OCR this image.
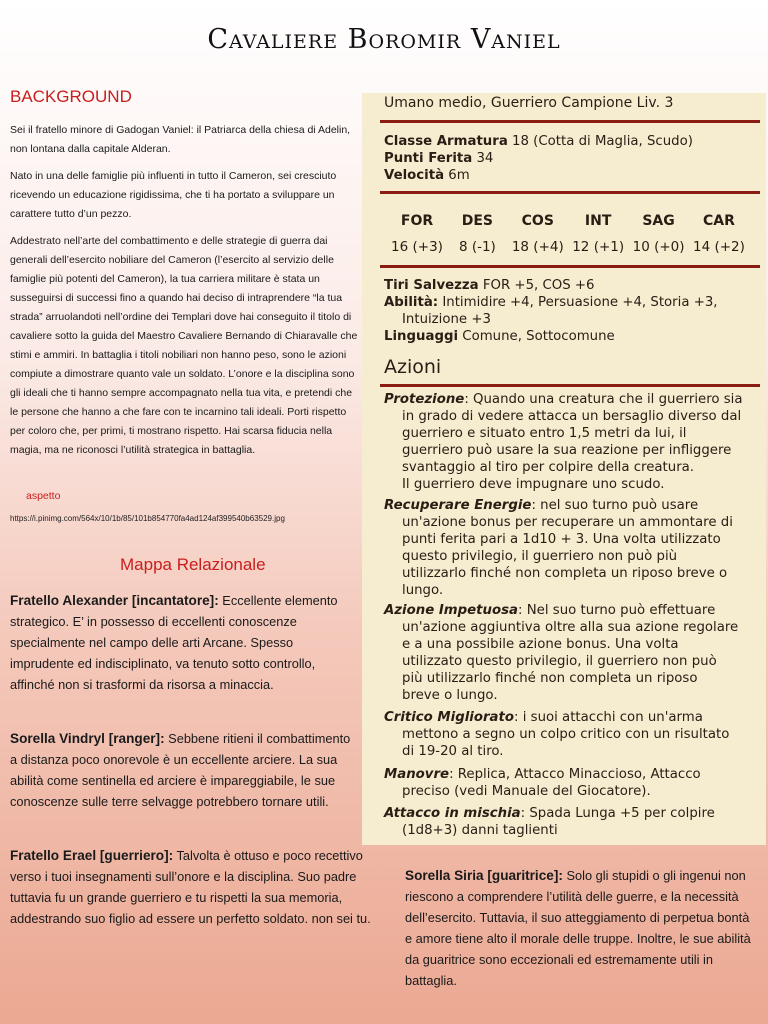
Cavaliere Boromir Vaniel
BACKGROUND

Sei il fratello minore di Gadogan Vaniel: il Patriarca della chiesa di Adelin, non lontana dalla capitale Alderan.

Nato in una delle famiglie più influenti in tutto il Cameron, sei cresciuto ricevendo un educazione rigidissima, che ti ha portato a sviluppare un carattere tutto d’un pezzo.

Addestrato nell’arte del combattimento e delle strategie di guerra dai generali dell’esercito nobiliare del Cameron (l’esercito al servizio delle famiglie più potenti del Cameron), la tua carriera militare è stata un susseguirsi di successi fino a quando hai deciso di intraprendere “la tua strada” arruolandoti nell’ordine dei Templari dove hai conseguito il titolo di cavaliere sotto la guida del Maestro Cavaliere Bernando di Chiaravalle che stimi e ammiri. In battaglia i titoli nobiliari non hanno peso, sono le azioni compiute a dimostrare quanto vale un soldato. L’onore e la disciplina sono gli ideali che ti hanno sempre accompagnato nella tua vita, e pretendi che le persone che hanno a che fare con te incarnino tali ideali. Porti rispetto per coloro che, per primi, ti mostrano rispetto. Hai scarsa fiducia nella magia, ma ne riconosci l’utilità strategica in battaglia.

aspetto
https://i.pinimg.com/564x/10/1b/85/101b854770fa4ad124af399540b63529.jpg
Mappa Relazionale
Fratello Alexander [incantatore]: Eccellente elemento strategico. E’ in possesso di eccellenti conoscenze specialmente nel campo delle arti Arcane. Spesso imprudente ed indisciplinato, va tenuto sotto controllo, affinché non si trasformi da risorsa a minaccia.
Sorella Vindryl [ranger]: Sebbene ritieni il combattimento a distanza poco onorevole è un eccellente arciere. La sua abilità come sentinella ed arciere è impareggiabile, le sue conoscenze sulle terre selvagge potrebbero tornare utili.
Fratello Erael [guerriero]: Talvolta è ottuso e poco recettivo verso i tuoi insegnamenti sull’onore e la disciplina. Suo padre tuttavia fu un grande guerriero e tu rispetti la sua memoria, addestrando suo figlio ad essere un perfetto soldato. non sei tu.
Sorella Siria [guaritrice]: Solo gli stupidi o gli ingenui non riescono a comprendere l’utilità delle guerre, e la necessità dell’esercito. Tuttavia, il suo atteggiamento di perpetua bontà e amore tiene alto il morale delle truppe. Inoltre, le sue abilità da guaritrice sono eccezionali ed estremamente utili in battaglia.
Umano medio, Guerriero Campione Liv. 3
Classe Armatura 18 (Cotta di Maglia, Scudo)
Punti Ferita 34
Velocità 6m
FOR	DES	COS	INT	SAG	CAR
16 (+3)	8 (-1)	18 (+4) 12 (+1) 10 (+0) 14 (+2)
Tiri Salvezza FOR +5, COS +6
Abilità: Intimidire +4, Persuasione +4, Storia +3,
Intuizione +3
Linguaggi Comune, Sottocomune
Azioni
Protezione: Quando una creatura che il guerriero sia
in grado di vedere attacca un bersaglio diverso dal
guerriero e situato entro 1,5 metri da lui, il
guerriero può usare la sua reazione per infliggere
svantaggio al tiro per colpire della creatura.
Il guerriero deve impugnare uno scudo.
Recuperare Energie: nel suo turno può usare
un'azione bonus per recuperare un ammontare di
punti ferita pari a 1d10 + 3. Una volta utilizzato
questo privilegio, il guerriero non può più
utilizzarlo finché non completa un riposo breve o
lungo.
Azione Impetuosa: Nel suo turno può effettuare
un'azione aggiuntiva oltre alla sua azione regolare
e a una possibile azione bonus. Una volta
utilizzato questo privilegio, il guerriero non può
più utilizzarlo finché non completa un riposo
breve o lungo.
Critico Migliorato: i suoi attacchi con un'arma
mettono a segno un colpo critico con un risultato
di 19-20 al tiro.
Manovre: Replica, Attacco Minaccioso, Attacco
preciso (vedi Manuale del Giocatore).
Attacco in mischia: Spada Lunga +5 per colpire
(1d8+3) danni taglienti
